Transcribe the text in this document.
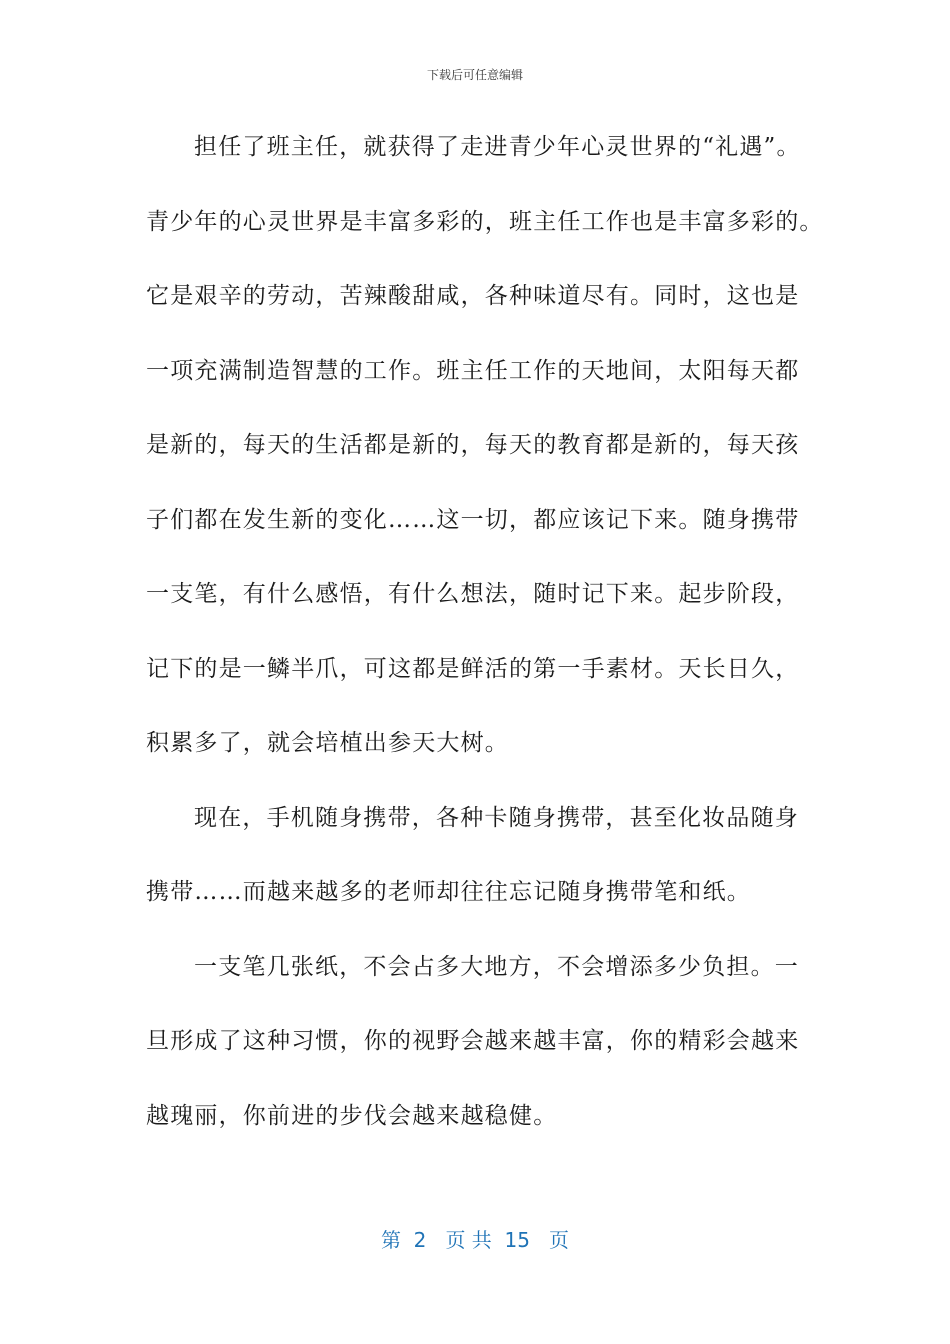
下载后可任意编辑
担任了班主任，就获得了走进青少年心灵世界的“礼遇”。
青少年的心灵世界是丰富多彩的，班主任工作也是丰富多彩的。
它是艰辛的劳动，苦辣酸甜咸，各种味道尽有。同时，这也是
一项充满制造智慧的工作。班主任工作的天地间，太阳每天都
是新的，每天的生活都是新的，每天的教育都是新的，每天孩
子们都在发生新的变化……这一切，都应该记下来。随身携带
一支笔，有什么感悟，有什么想法，随时记下来。起步阶段，
记下的是一鳞半爪，可这都是鲜活的第一手素材。天长日久，
积累多了，就会培植出参天大树。
现在，手机随身携带，各种卡随身携带，甚至化妆品随身
携带……而越来越多的老师却往往忘记随身携带笔和纸。
一支笔几张纸，不会占多大地方，不会增添多少负担。一
旦形成了这种习惯，你的视野会越来越丰富，你的精彩会越来
越瑰丽，你前进的步伐会越来越稳健。
第  2   页 共  15   页
